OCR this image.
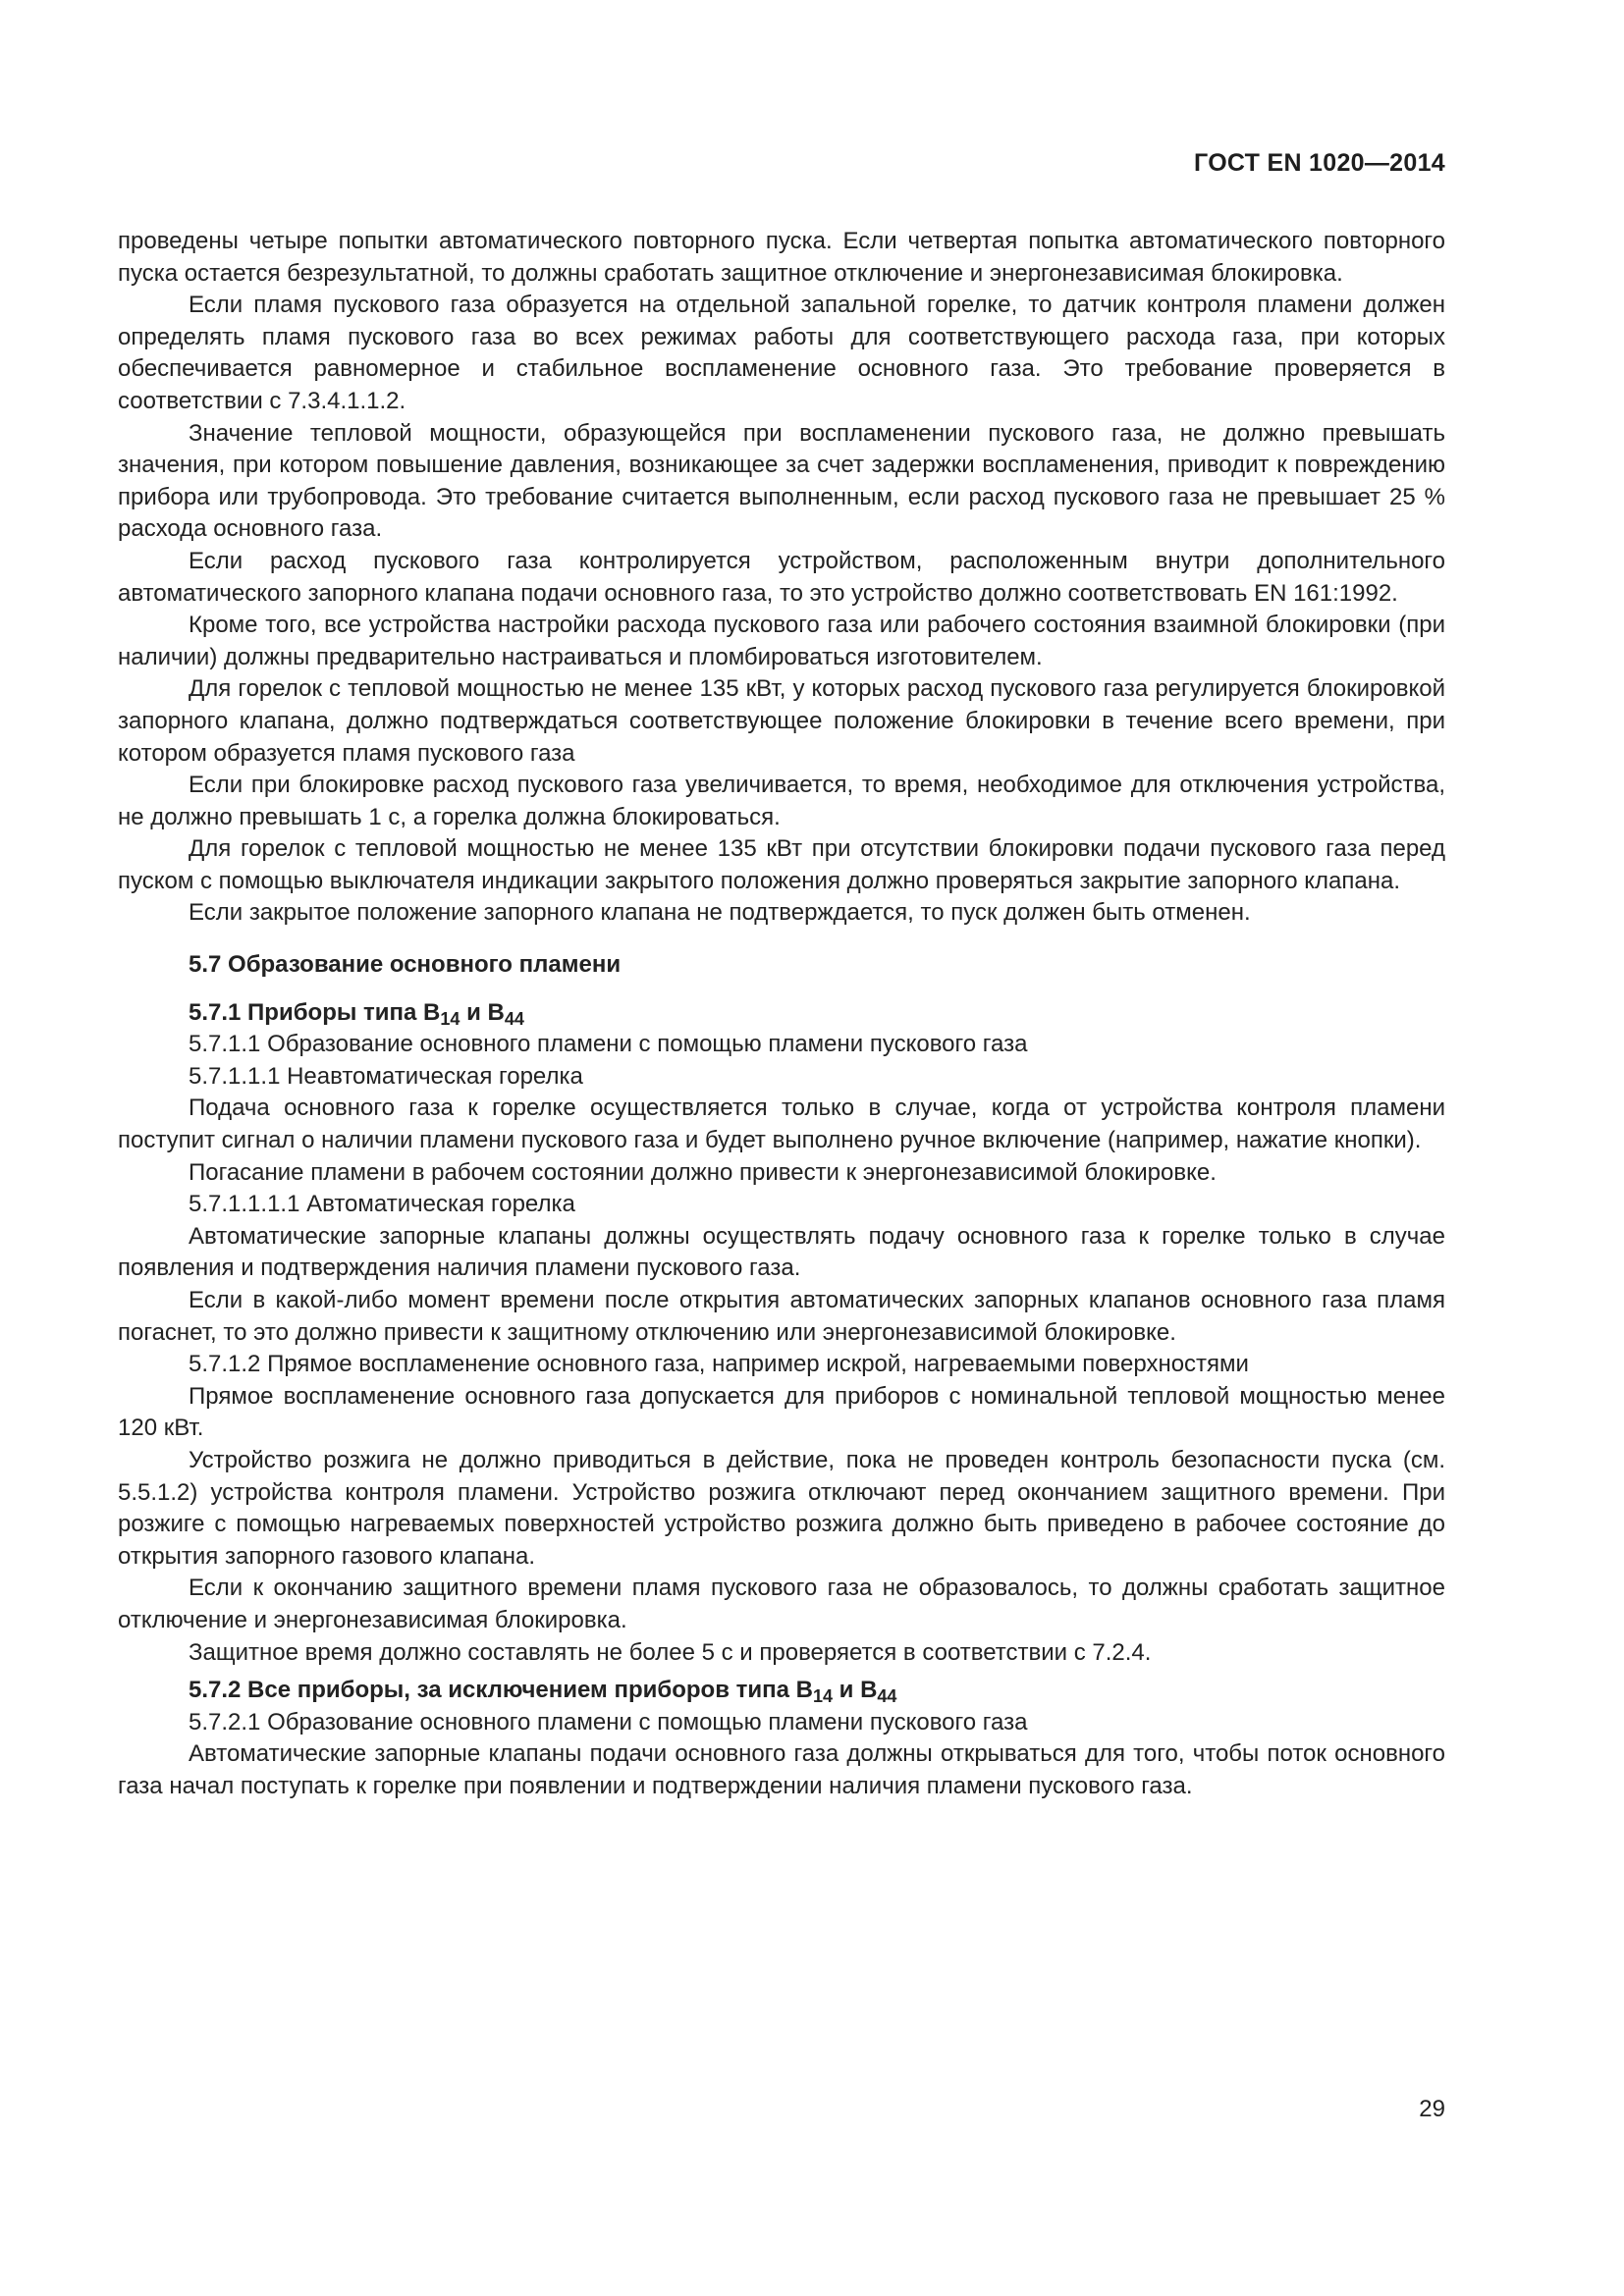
ГОСТ EN 1020—2014

проведены четыре попытки автоматического повторного пуска. Если четвертая попытка автоматического повторного пуска остается безрезультатной, то должны сработать защитное отключение и энергонезависимая блокировка.

Если пламя пускового газа образуется на отдельной запальной горелке, то датчик контроля пламени должен определять пламя пускового газа во всех режимах работы для соответствующего расхода газа, при которых обеспечивается равномерное и стабильное воспламенение основного газа. Это требование проверяется в соответствии с 7.3.4.1.1.2.

Значение тепловой мощности, образующейся при воспламенении пускового газа, не должно превышать значения, при котором повышение давления, возникающее за счет задержки воспламенения, приводит к повреждению прибора или трубопровода. Это требование считается выполненным, если расход пускового газа не превышает 25 % расхода основного газа.

Если расход пускового газа контролируется устройством, расположенным внутри дополнительного автоматического запорного клапана подачи основного газа, то это устройство должно соответствовать EN 161:1992.

Кроме того, все устройства настройки расхода пускового газа или рабочего состояния взаимной блокировки (при наличии) должны предварительно настраиваться и пломбироваться изготовителем.

Для горелок с тепловой мощностью не менее 135 кВт, у которых расход пускового газа регулируется блокировкой запорного клапана, должно подтверждаться соответствующее положение блокировки в течение всего времени, при котором образуется пламя пускового газа

Если при блокировке расход пускового газа увеличивается, то время, необходимое для отключения устройства, не должно превышать 1 с, а горелка должна блокироваться.

Для горелок с тепловой мощностью не менее 135 кВт при отсутствии блокировки подачи пускового газа перед пуском с помощью выключателя индикации закрытого положения должно проверяться закрытие запорного клапана.

Если закрытое положение запорного клапана не подтверждается, то пуск должен быть отменен.

5.7 Образование основного пламени
5.7.1 Приборы типа $В_{14}$ и $В_{44}$

5.7.1.1 Образование основного пламени с помощью пламени пускового газа

5.7.1.1.1 Неавтоматическая горелка

Подача основного газа к горелке осуществляется только в случае, когда от устройства контроля пламени поступит сигнал о наличии пламени пускового газа и будет выполнено ручное включение (например, нажатие кнопки).

Погасание пламени в рабочем состоянии должно привести к энергонезависимой блокировке.

5.7.1.1.1.1 Автоматическая горелка

Автоматические запорные клапаны должны осуществлять подачу основного газа к горелке только в случае появления и подтверждения наличия пламени пускового газа.

Если в какой-либо момент времени после открытия автоматических запорных клапанов основного газа пламя погаснет, то это должно привести к защитному отключению или энергонезависимой блокировке.

5.7.1.2 Прямое воспламенение основного газа, например искрой, нагреваемыми поверхностями

Прямое воспламенение основного газа допускается для приборов с номинальной тепловой мощностью менее 120 кВт.

Устройство розжига не должно приводиться в действие, пока не проведен контроль безопасности пуска (см. 5.5.1.2) устройства контроля пламени. Устройство розжига отключают перед окончанием защитного времени. При розжиге с помощью нагреваемых поверхностей устройство розжига должно быть приведено в рабочее состояние до открытия запорного газового клапана.

Если к окончанию защитного времени пламя пускового газа не образовалось, то должны сработать защитное отключение и энергонезависимая блокировка.

Защитное время должно составлять не более 5 с и проверяется в соответствии с 7.2.4.

5.7.2 Все приборы, за исключением приборов типа $В_{14}$ и $В_{44}$

5.7.2.1 Образование основного пламени с помощью пламени пускового газа

Автоматические запорные клапаны подачи основного газа должны открываться для того, чтобы поток основного газа начал поступать к горелке при появлении и подтверждении наличия пламени пускового газа.

29
